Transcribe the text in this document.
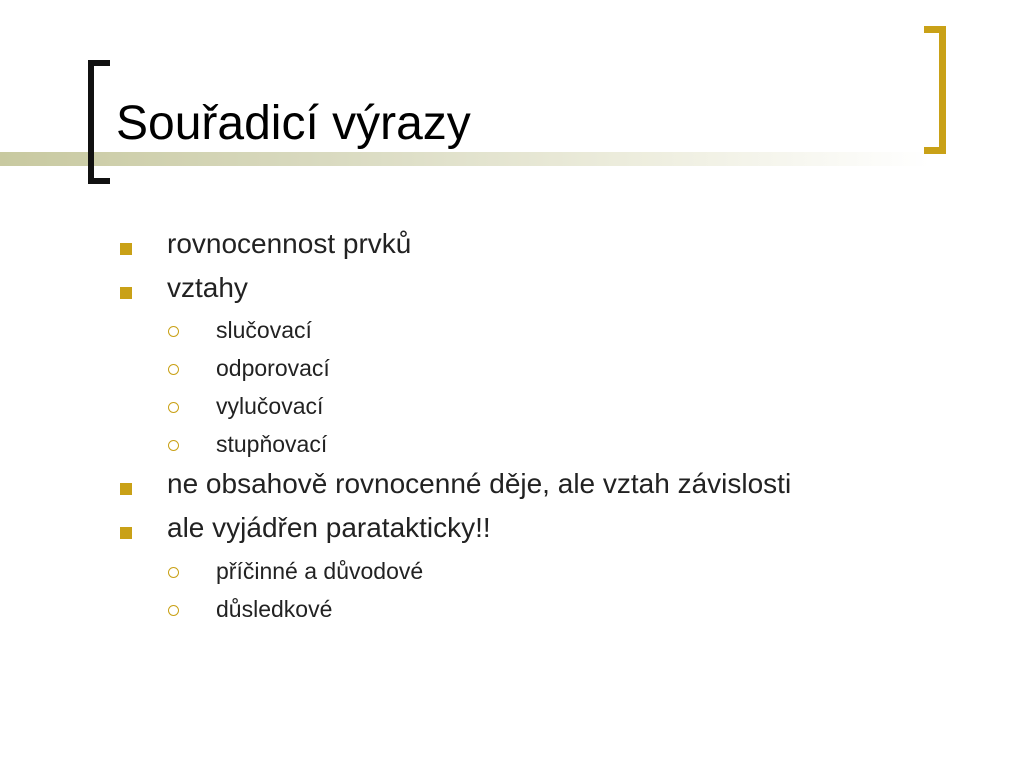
Souřadicí výrazy
rovnocennost prvků
vztahy
slučovací
odporovací
vylučovací
stupňovací
ne obsahově rovnocenné děje, ale vztah závislosti
ale vyjádřen paratakticky!!
příčinné a důvodové
důsledkové
